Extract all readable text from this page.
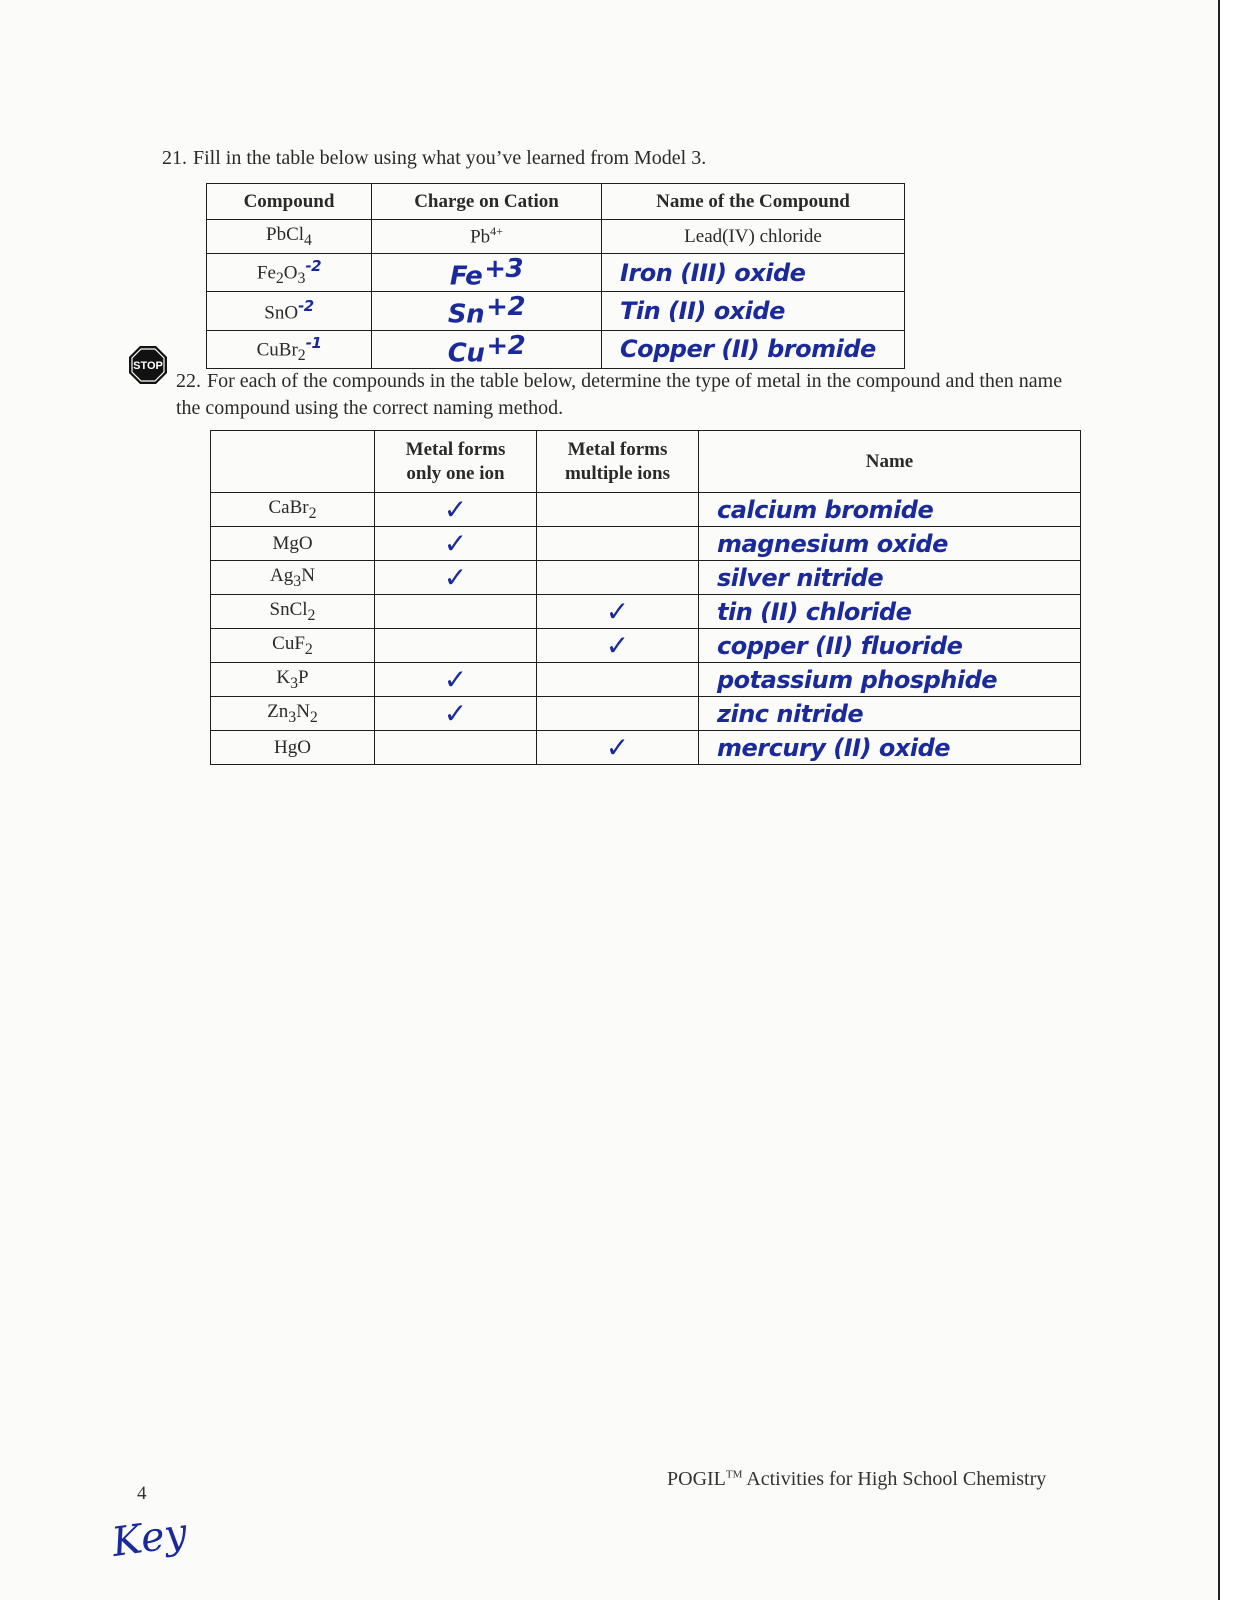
21. Fill in the table below using what you’ve learned from Model 3.
Compound	Charge on Cation	Name of the Compound
PbCl$_4$	$Pb^{4+}$	Lead(IV) chloride
$Fe_2O_3^{-2}$	$Fe^{+3}$	Iron (III) oxide
SnO$^{-2}$	$Sn^{+2}$	Tin (II) oxide
CuBr$_2^{-1}$	$Cu^{+2}$	Copper (II) bromide
STOP
22. For each of the compounds in the table below, determine the type of metal in the compound and then name the compound using the correct naming method.
	Metal forms only one ion	Metal forms multiple ions	Name
CaBr$_2$	✓		calcium bromide
MgO	✓		magnesium oxide
$Ag_3N$	✓		silver nitride
SnCl$_2$		✓	tin (II) chloride
CuF$_2$		✓	copper (II) fluoride
$K_3P$	✓		potassium phosphide
$Zn_3N_2$	✓		zinc nitride
HgO		✓	mercury (II) oxide
4
POGIL™ Activities for High School Chemistry
Key
